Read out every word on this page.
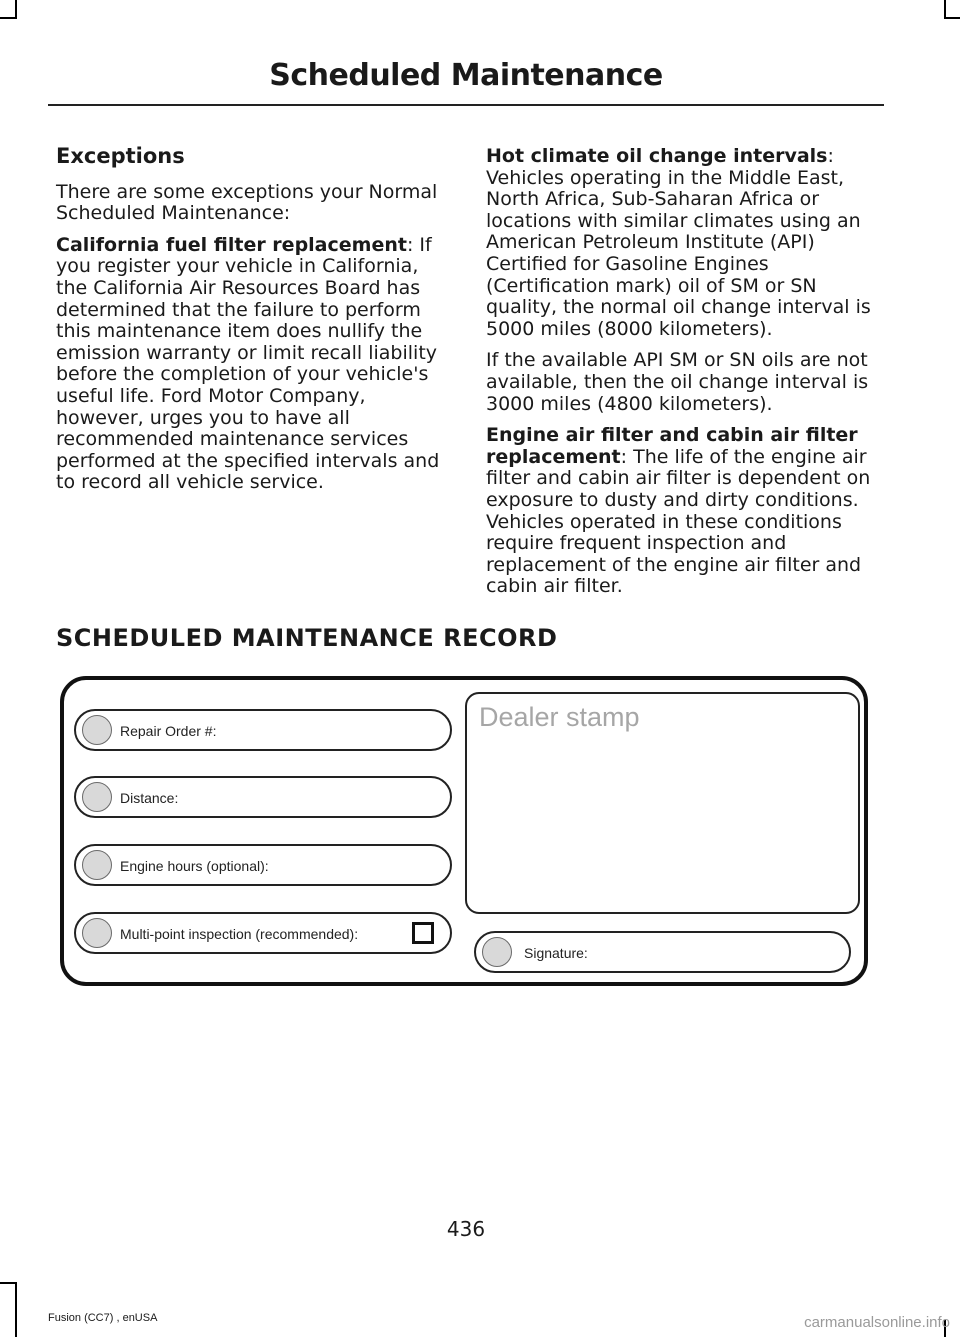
Scheduled Maintenance
Exceptions

There are some exceptions your Normal Scheduled Maintenance:

California fuel filter replacement: If you register your vehicle in California, the California Air Resources Board has determined that the failure to perform this maintenance item does nullify the emission warranty or limit recall liability before the completion of your vehicle's useful life. Ford Motor Company, however, urges you to have all recommended maintenance services performed at the specified intervals and to record all vehicle service.

Hot climate oil change intervals: Vehicles operating in the Middle East, North Africa, Sub-Saharan Africa or locations with similar climates using an American Petroleum Institute (API) Certified for Gasoline Engines (Certification mark) oil of SM or SN quality, the normal oil change interval is 5000 miles (8000 kilometers).

If the available API SM or SN oils are not available, then the oil change interval is 3000 miles (4800 kilometers).

Engine air filter and cabin air filter replacement: The life of the engine air filter and cabin air filter is dependent on exposure to dusty and dirty conditions. Vehicles operated in these conditions require frequent inspection and replacement of the engine air filter and cabin air filter.

SCHEDULED MAINTENANCE RECORD
Repair Order #:
Distance:
Engine hours (optional):
Multi-point inspection (recommended):
Dealer stamp
Signature:
436
Fusion (CC7) , enUSA	carmanualsonline.info
